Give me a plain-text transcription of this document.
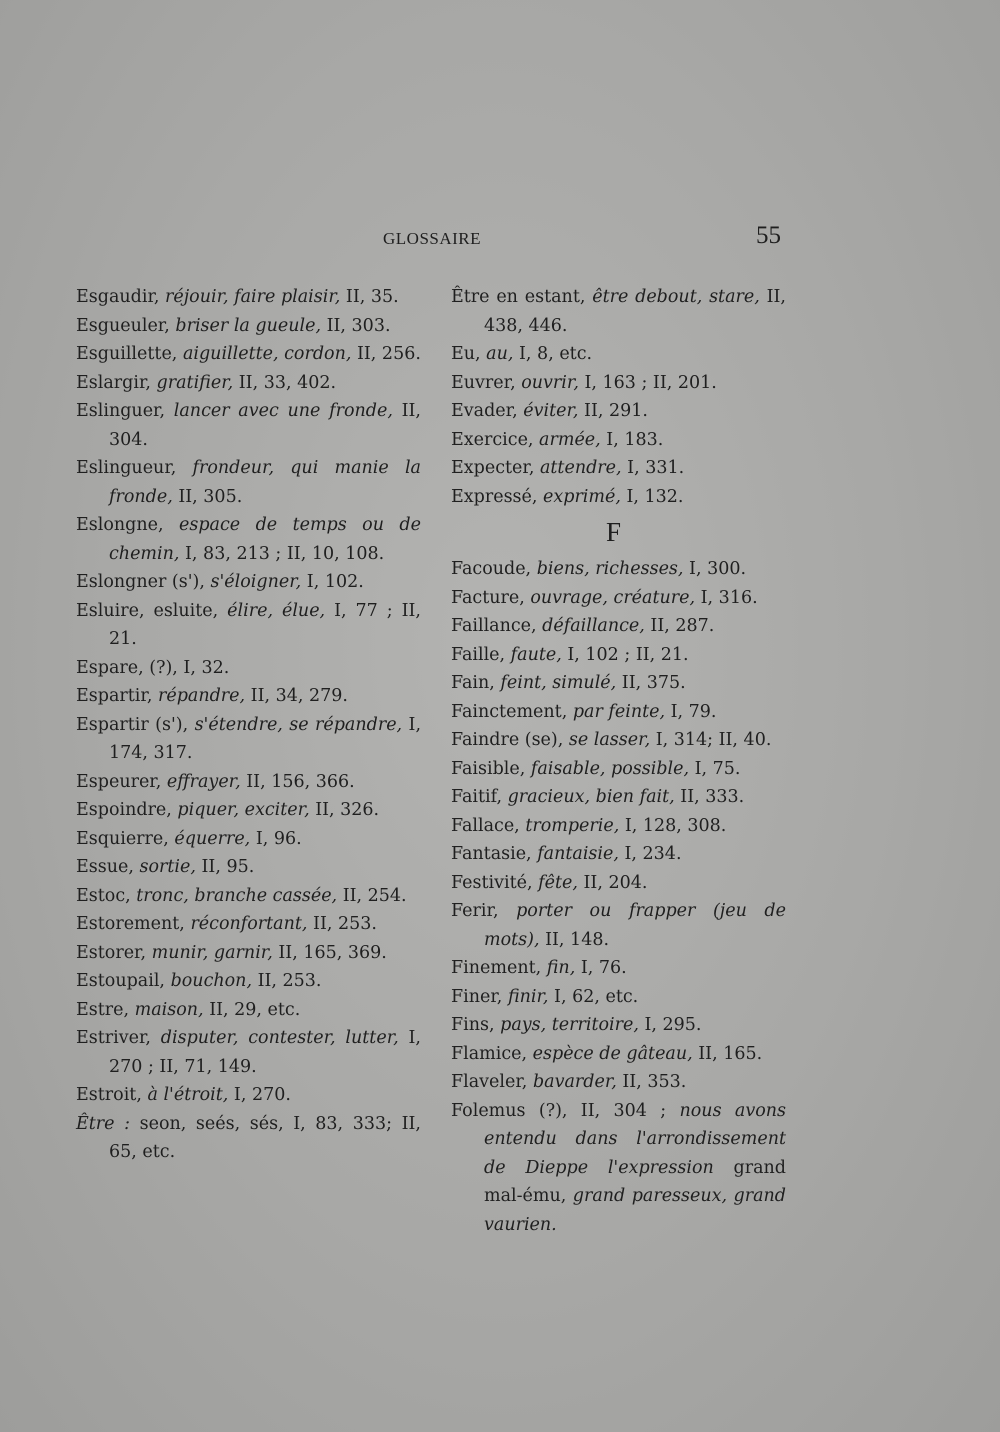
GLOSSAIRE	55
Esgaudir, réjouir, faire plaisir, II, 35.
Esgueuler, briser la gueule, II, 303.
Esguillette, aiguillette, cordon, II, 256.
Eslargir, gratifier, II, 33, 402.
Eslinguer, lancer avec une fronde, II, 304.
Eslingueur, frondeur, qui manie la fronde, II, 305.
Eslongne, espace de temps ou de chemin, I, 83, 213 ; II, 10, 108.
Eslongner (s'), s'éloigner, I, 102.
Esluire, esluite, élire, élue, I, 77 ; II, 21.
Espare, (?), I, 32.
Espartir, répandre, II, 34, 279.
Espartir (s'), s'étendre, se répandre, I, 174, 317.
Espeurer, effrayer, II, 156, 366.
Espoindre, piquer, exciter, II, 326.
Esquierre, équerre, I, 96.
Essue, sortie, II, 95.
Estoc, tronc, branche cassée, II, 254.
Estorement, réconfortant, II, 253.
Estorer, munir, garnir, II, 165, 369.
Estoupail, bouchon, II, 253.
Estre, maison, II, 29, etc.
Estriver, disputer, contester, lutter, I, 270 ; II, 71, 149.
Estroit, à l'étroit, I, 270.
Être : seon, seés, sés, I, 83, 333; II, 65, etc.
Être en estant, être debout, stare, II, 438, 446.
Eu, au, I, 8, etc.
Euvrer, ouvrir, I, 163 ; II, 201.
Evader, éviter, II, 291.
Exercice, armée, I, 183.
Expecter, attendre, I, 331.
Expressé, exprimé, I, 132.
F
Facoude, biens, richesses, I, 300.
Facture, ouvrage, créature, I, 316.
Faillance, défaillance, II, 287.
Faille, faute, I, 102 ; II, 21.
Fain, feint, simulé, II, 375.
Fainctement, par feinte, I, 79.
Faindre (se), se lasser, I, 314; II, 40.
Faisible, faisable, possible, I, 75.
Faitif, gracieux, bien fait, II, 333.
Fallace, tromperie, I, 128, 308.
Fantasie, fantaisie, I, 234.
Festivité, fête, II, 204.
Ferir, porter ou frapper (jeu de mots), II, 148.
Finement, fin, I, 76.
Finer, finir, I, 62, etc.
Fins, pays, territoire, I, 295.
Flamice, espèce de gâteau, II, 165.
Flaveler, bavarder, II, 353.
Folemus (?), II, 304 ; nous avons entendu dans l'arrondissement de Dieppe l'expression grand mal-ému, grand paresseux, grand vaurien.
